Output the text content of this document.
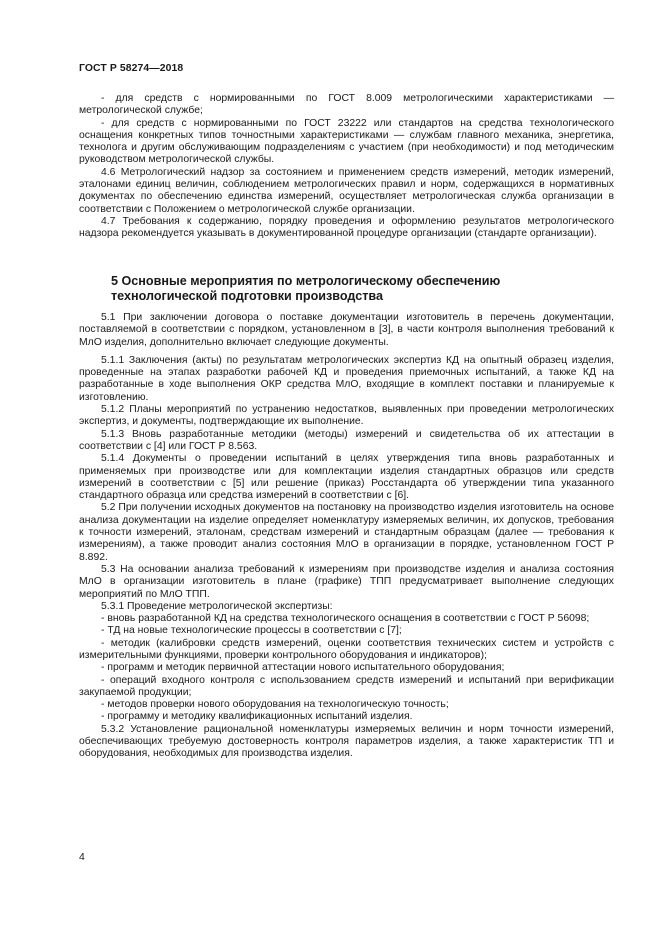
ГОСТ Р 58274—2018

- для средств с нормированными по ГОСТ 8.009 метрологическими характеристиками — метрологической службе;

- для средств с нормированными по ГОСТ 23222 или стандартов на средства технологического оснащения конкретных типов точностными характеристиками — службам главного механика, энергетика, технолога и другим обслуживающим подразделениям с участием (при необходимости) и под методическим руководством метрологической службы.

4.6 Метрологический надзор за состоянием и применением средств измерений, методик измерений, эталонами единиц величин, соблюдением метрологических правил и норм, содержащихся в нормативных документах по обеспечению единства измерений, осуществляет метрологическая служба организации в соответствии с Положением о метрологической службе организации.

4.7 Требования к содержанию, порядку проведения и оформлению результатов метрологического надзора рекомендуется указывать в документированной процедуре организации (стандарте организации).

5 Основные мероприятия по метрологическому обеспечению
технологической подготовки производства

5.1 При заключении договора о поставке документации изготовитель в перечень документации, поставляемой в соответствии с порядком, установленном в [3], в части контроля выполнения требований к МлО изделия, дополнительно включает следующие документы.

5.1.1 Заключения (акты) по результатам метрологических экспертиз КД на опытный образец изделия, проведенные на этапах разработки рабочей КД и проведения приемочных испытаний, а также КД на разработанные в ходе выполнения ОКР средства МлО, входящие в комплект поставки и планируемые к изготовлению.

5.1.2 Планы мероприятий по устранению недостатков, выявленных при проведении метрологических экспертиз, и документы, подтверждающие их выполнение.

5.1.3 Вновь разработанные методики (методы) измерений и свидетельства об их аттестации в соответствии с [4] или ГОСТ Р 8.563.

5.1.4 Документы о проведении испытаний в целях утверждения типа вновь разработанных и применяемых при производстве или для комплектации изделия стандартных образцов или средств измерений в соответствии с [5] или решение (приказ) Росстандарта об утверждении типа указанного стандартного образца или средства измерений в соответствии с [6].

5.2 При получении исходных документов на постановку на производство изделия изготовитель на основе анализа документации на изделие определяет номенклатуру измеряемых величин, их допусков, требования к точности измерений, эталонам, средствам измерений и стандартным образцам (далее — требования к измерениям), а также проводит анализ состояния МлО в организации в порядке, установленном ГОСТ Р 8.892.

5.3 На основании анализа требований к измерениям при производстве изделия и анализа состояния МлО в организации изготовитель в плане (графике) ТПП предусматривает выполнение следующих мероприятий по МлО ТПП.

5.3.1 Проведение метрологической экспертизы:

- вновь разработанной КД на средства технологического оснащения в соответствии с ГОСТ Р 56098;

- ТД на новые технологические процессы в соответствии с [7];

- методик (калибровки средств измерений, оценки соответствия технических систем и устройств с измерительными функциями, проверки контрольного оборудования и индикаторов);

- программ и методик первичной аттестации нового испытательного оборудования;

- операций входного контроля с использованием средств измерений и испытаний при верификации закупаемой продукции;

- методов проверки нового оборудования на технологическую точность;

- программу и методику квалификационных испытаний изделия.

5.3.2 Установление рациональной номенклатуры измеряемых величин и норм точности измерений, обеспечивающих требуемую достоверность контроля параметров изделия, а также характеристик ТП и оборудования, необходимых для производства изделия.

4
